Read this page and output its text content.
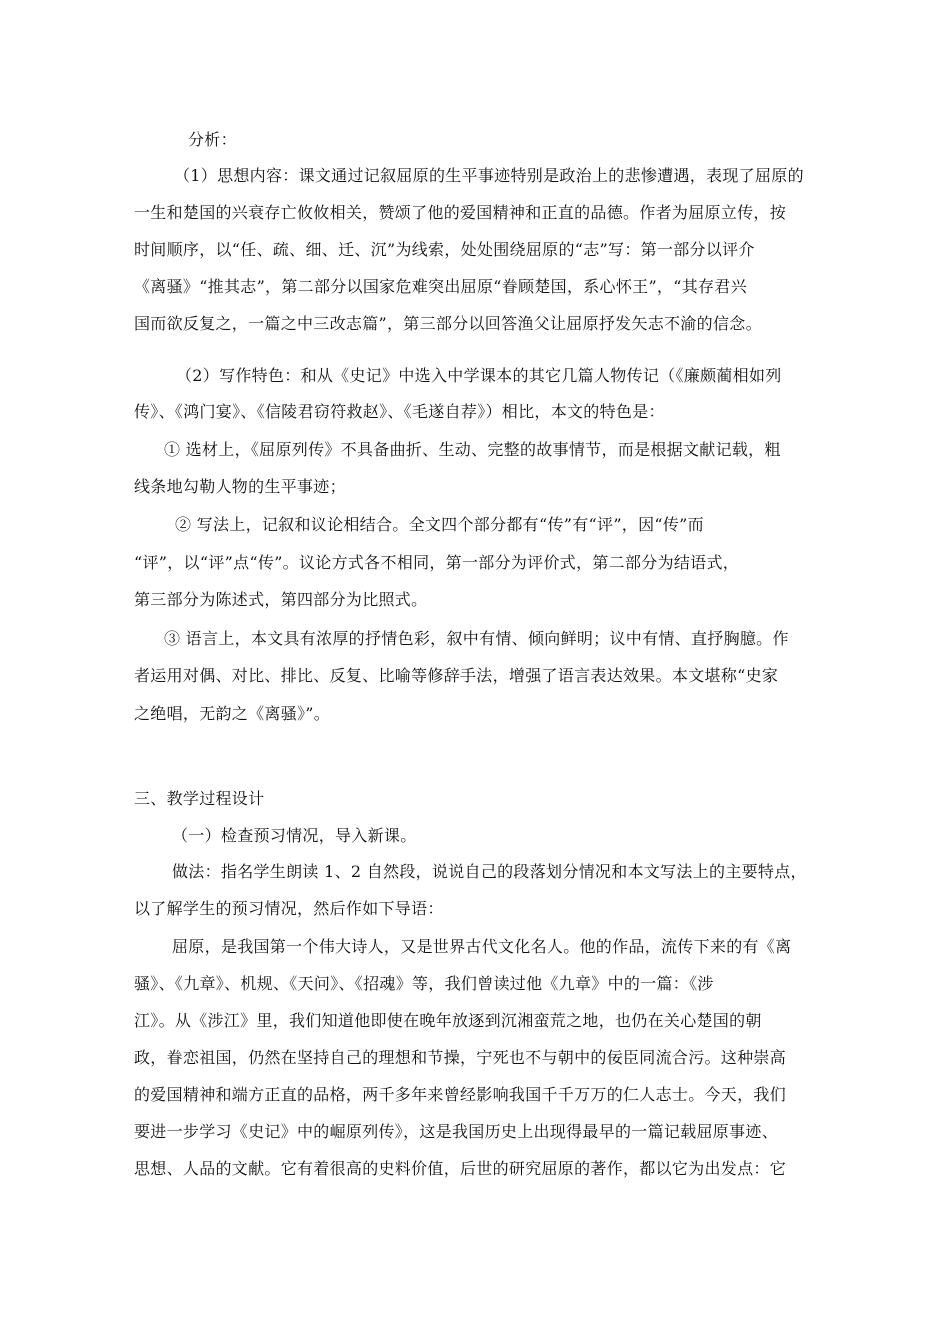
分析：
（1）思想内容：课文通过记叙屈原的生平事迹特别是政治上的悲惨遭遇，表现了屈原的
一生和楚国的兴衰存亡攸攸相关，赞颂了他的爱国精神和正直的品德。作者为屈原立传，按
时间顺序，以“任、疏、细、迁、沉”为线索，处处围绕屈原的“志”写：第一部分以评介
《离骚》“推其志”，第二部分以国家危难突出屈原“眷顾楚国，系心怀王”，“其存君兴
国而欲反复之，一篇之中三改志篇”，第三部分以回答渔父让屈原抒发矢志不渝的信念。
（2）写作特色：和从《史记》中选入中学课本的其它几篇人物传记（《廉颇蔺相如列
传》、《鸿门宴》、《信陵君窃符救赵》、《毛遂自荐》）相比，本文的特色是：
① 选材上，《屈原列传》不具备曲折、生动、完整的故事情节，而是根据文献记载，粗
线条地勾勒人物的生平事迹；
② 写法上，记叙和议论相结合。全文四个部分都有“传”有“评”，因“传”而
“评”，以“评”点“传”。议论方式各不相同，第一部分为评价式，第二部分为结语式，
第三部分为陈述式，第四部分为比照式。
③ 语言上，本文具有浓厚的抒情色彩，叙中有情、倾向鲜明；议中有情、直抒胸臆。作
者运用对偶、对比、排比、反复、比喻等修辞手法，增强了语言表达效果。本文堪称“史家
之绝唱，无韵之《离骚》”。
三、教学过程设计
（一）检查预习情况，导入新课。
做法：指名学生朗读 1、2 自然段，说说自己的段落划分情况和本文写法上的主要特点，
以了解学生的预习情况，然后作如下导语：
屈原，是我国第一个伟大诗人，又是世界古代文化名人。他的作品，流传下来的有《离
骚》、《九章》、机规、《天问》、《招魂》等，我们曾读过他《九章》中的一篇：《涉
江》。从《涉江》里，我们知道他即使在晚年放逐到沉湘蛮荒之地，也仍在关心楚国的朝
政，眷恋祖国，仍然在坚持自己的理想和节操，宁死也不与朝中的佞臣同流合污。这种崇高
的爱国精神和端方正直的品格，两千多年来曾经影响我国千千万万的仁人志士。今天，我们
要进一步学习《史记》中的崛原列传》，这是我国历史上出现得最早的一篇记载屈原事迹、
思想、人品的文献。它有着很高的史料价值，后世的研究屈原的著作，都以它为出发点：它
